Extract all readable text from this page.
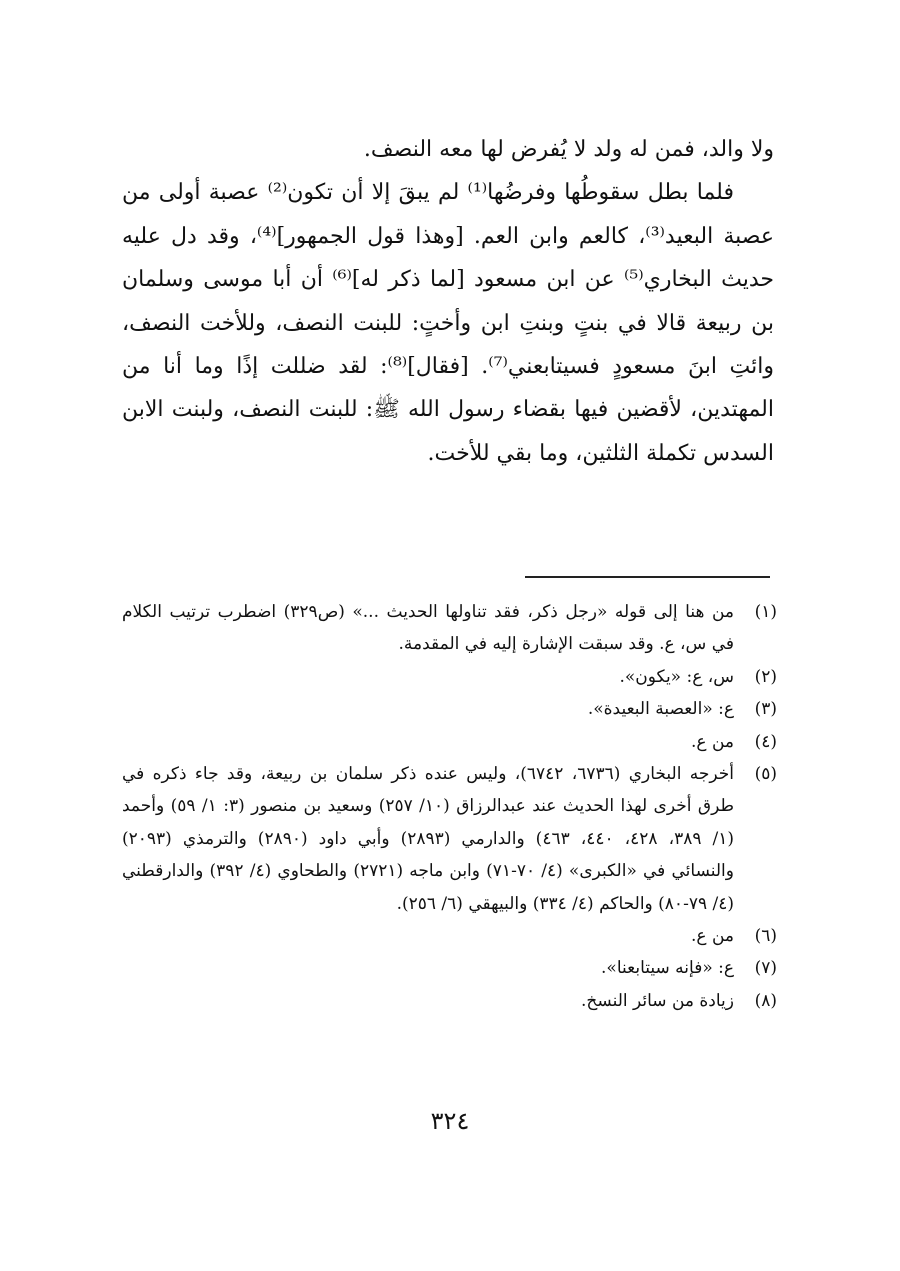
ولا والد، فمن له ولد لا يُفرض لها معه النصف.

فلما بطل سقوطُها وفرضُها⁽¹⁾ لم يبقَ إلا أن تكون⁽²⁾ عصبة أولى من عصبة البعيد⁽³⁾، كالعم وابن العم. [وهذا قول الجمهور]⁽⁴⁾، وقد دل عليه حديث البخاري⁽⁵⁾ عن ابن مسعود [لما ذكر له]⁽⁶⁾ أن أبا موسى وسلمان بن ربيعة قالا في بنتٍ وبنتِ ابن وأختٍ: للبنت النصف، وللأخت النصف، وائتِ ابنَ مسعودٍ فسيتابعني⁽⁷⁾. [فقال]⁽⁸⁾: لقد ضللت إذًا وما أنا من المهتدين، لأقضين فيها بقضاء رسول الله ﷺ: للبنت النصف، ولبنت الابن السدس تكملة الثلثين، وما بقي للأخت.

(١)
من هنا إلى قوله «رجل ذكر، فقد تناولها الحديث ...» (ص٣٢٩) اضطرب ترتيب الكلام في س، ع. وقد سبقت الإشارة إليه في المقدمة.
(٢)
س، ع: «يكون».
(٣)
ع: «العصبة البعيدة».
(٤)
من ع.
(٥)
أخرجه البخاري (٦٧٣٦، ٦٧٤٢)، وليس عنده ذكر سلمان بن ربيعة، وقد جاء ذكره في طرق أخرى لهذا الحديث عند عبدالرزاق (١٠/ ٢٥٧) وسعيد بن منصور (٣: ١/ ٥٩) وأحمد (١/ ٣٨٩، ٤٢٨، ٤٤٠، ٤٦٣) والدارمي (٢٨٩٣) وأبي داود (٢٨٩٠) والترمذي (٢٠٩٣) والنسائي في «الكبرى» (٤/ ٧٠-٧١) وابن ماجه (٢٧٢١) والطحاوي (٤/ ٣٩٢) والدارقطني (٤/ ٧٩-٨٠) والحاكم (٤/ ٣٣٤) والبيهقي (٦/ ٢٥٦).
(٦)
من ع.
(٧)
ع: «فإنه سيتابعنا».
(٨)
زيادة من سائر النسخ.
٣٢٤
